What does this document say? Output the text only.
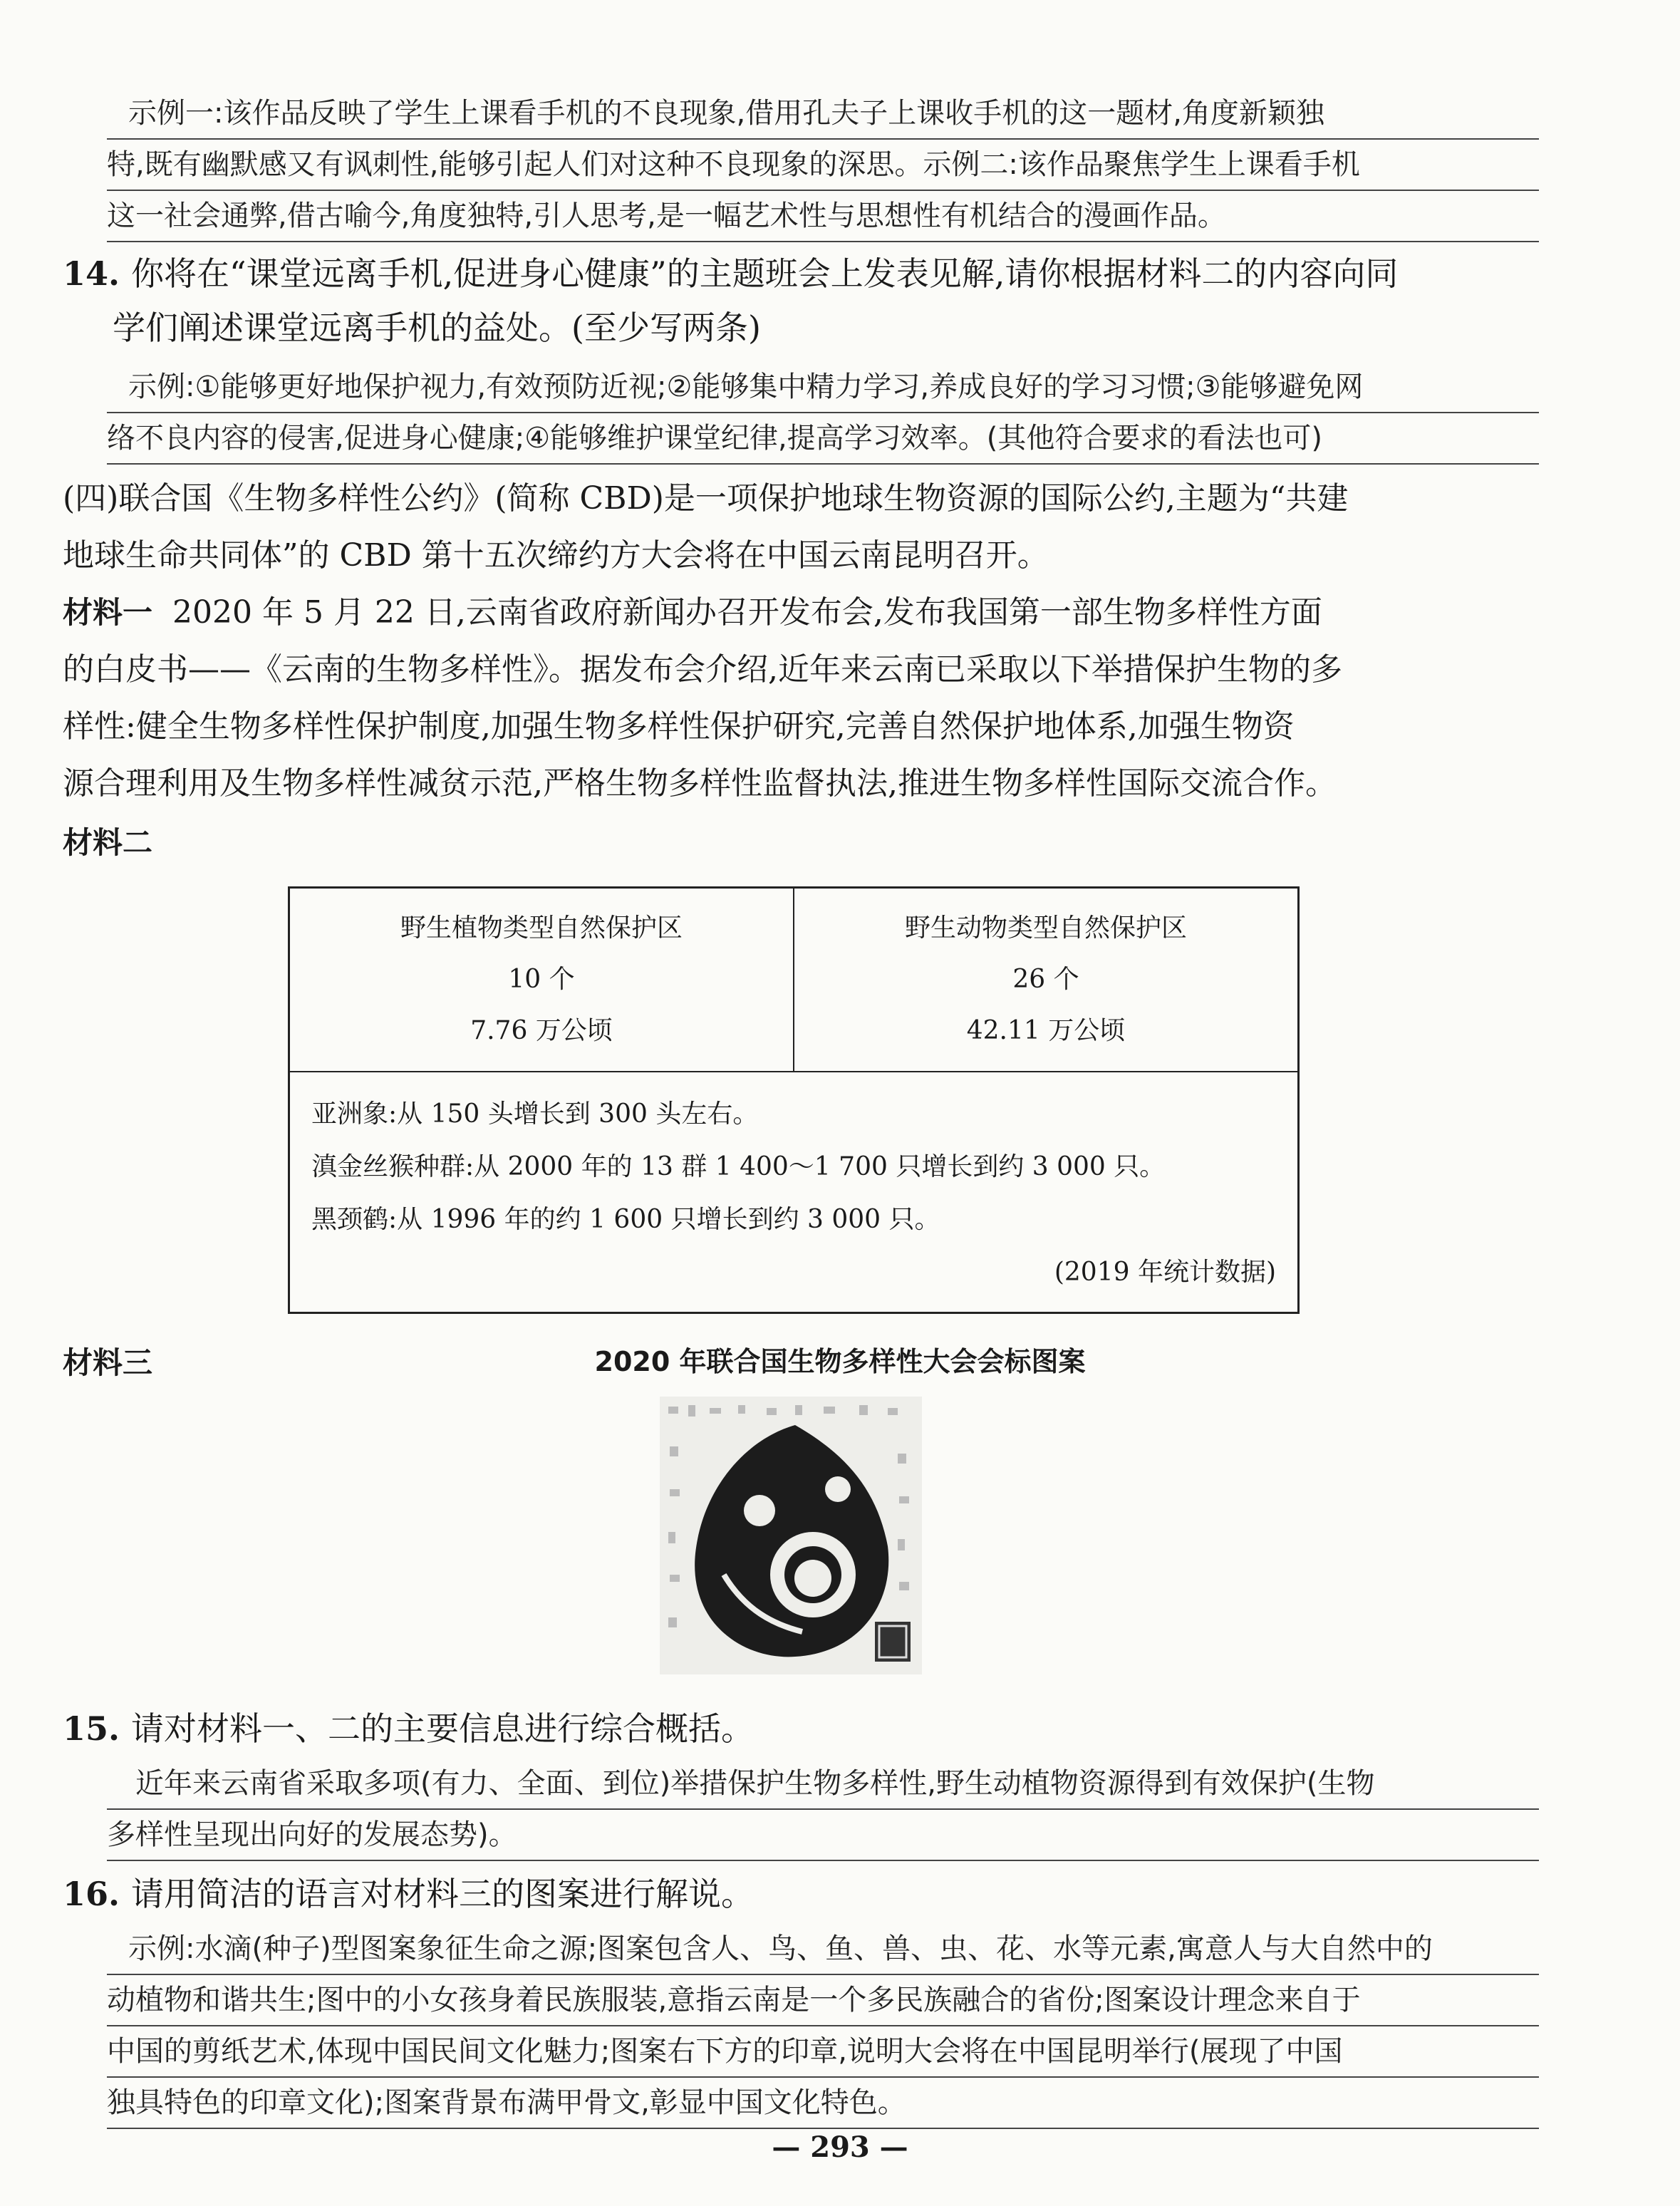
示例一:该作品反映了学生上课看手机的不良现象,借用孔夫子上课收手机的这一题材,角度新颖独
特,既有幽默感又有讽刺性,能够引起人们对这种不良现象的深思。示例二:该作品聚焦学生上课看手机
这一社会通弊,借古喻今,角度独特,引人思考,是一幅艺术性与思想性有机结合的漫画作品。
14. 你将在“课堂远离手机,促进身心健康”的主题班会上发表见解,请你根据材料二的内容向同
学们阐述课堂远离手机的益处。(至少写两条)
示例:①能够更好地保护视力,有效预防近视;②能够集中精力学习,养成良好的学习习惯;③能够避免网
络不良内容的侵害,促进身心健康;④能够维护课堂纪律,提高学习效率。(其他符合要求的看法也可)
(四)联合国《生物多样性公约》(简称 CBD)是一项保护地球生物资源的国际公约,主题为“共建
地球生命共同体”的 CBD 第十五次缔约方大会将在中国云南昆明召开。
材料一 2020 年 5 月 22 日,云南省政府新闻办召开发布会,发布我国第一部生物多样性方面
的白皮书——《云南的生物多样性》。据发布会介绍,近年来云南已采取以下举措保护生物的多
样性:健全生物多样性保护制度,加强生物多样性保护研究,完善自然保护地体系,加强生物资
源合理利用及生物多样性减贫示范,严格生物多样性监督执法,推进生物多样性国际交流合作。
材料二
野生植物类型自然保护区
10 个
7.76 万公顷

野生动物类型自然保护区
26 个
42.11 万公顷

亚洲象:从 150 头增长到 300 头左右。
滇金丝猴种群:从 2000 年的 13 群 1 400～1 700 只增长到约 3 000 只。
黑颈鹤:从 1996 年的约 1 600 只增长到约 3 000 只。
(2019 年统计数据)
材料三	2020 年联合国生物多样性大会会标图案
15. 请对材料一、二的主要信息进行综合概括。
近年来云南省采取多项(有力、全面、到位)举措保护生物多样性,野生动植物资源得到有效保护(生物
多样性呈现出向好的发展态势)。
16. 请用简洁的语言对材料三的图案进行解说。
示例:水滴(种子)型图案象征生命之源;图案包含人、鸟、鱼、兽、虫、花、水等元素,寓意人与大自然中的
动植物和谐共生;图中的小女孩身着民族服装,意指云南是一个多民族融合的省份;图案设计理念来自于
中国的剪纸艺术,体现中国民间文化魅力;图案右下方的印章,说明大会将在中国昆明举行(展现了中国
独具特色的印章文化);图案背景布满甲骨文,彰显中国文化特色。
— 293 —
